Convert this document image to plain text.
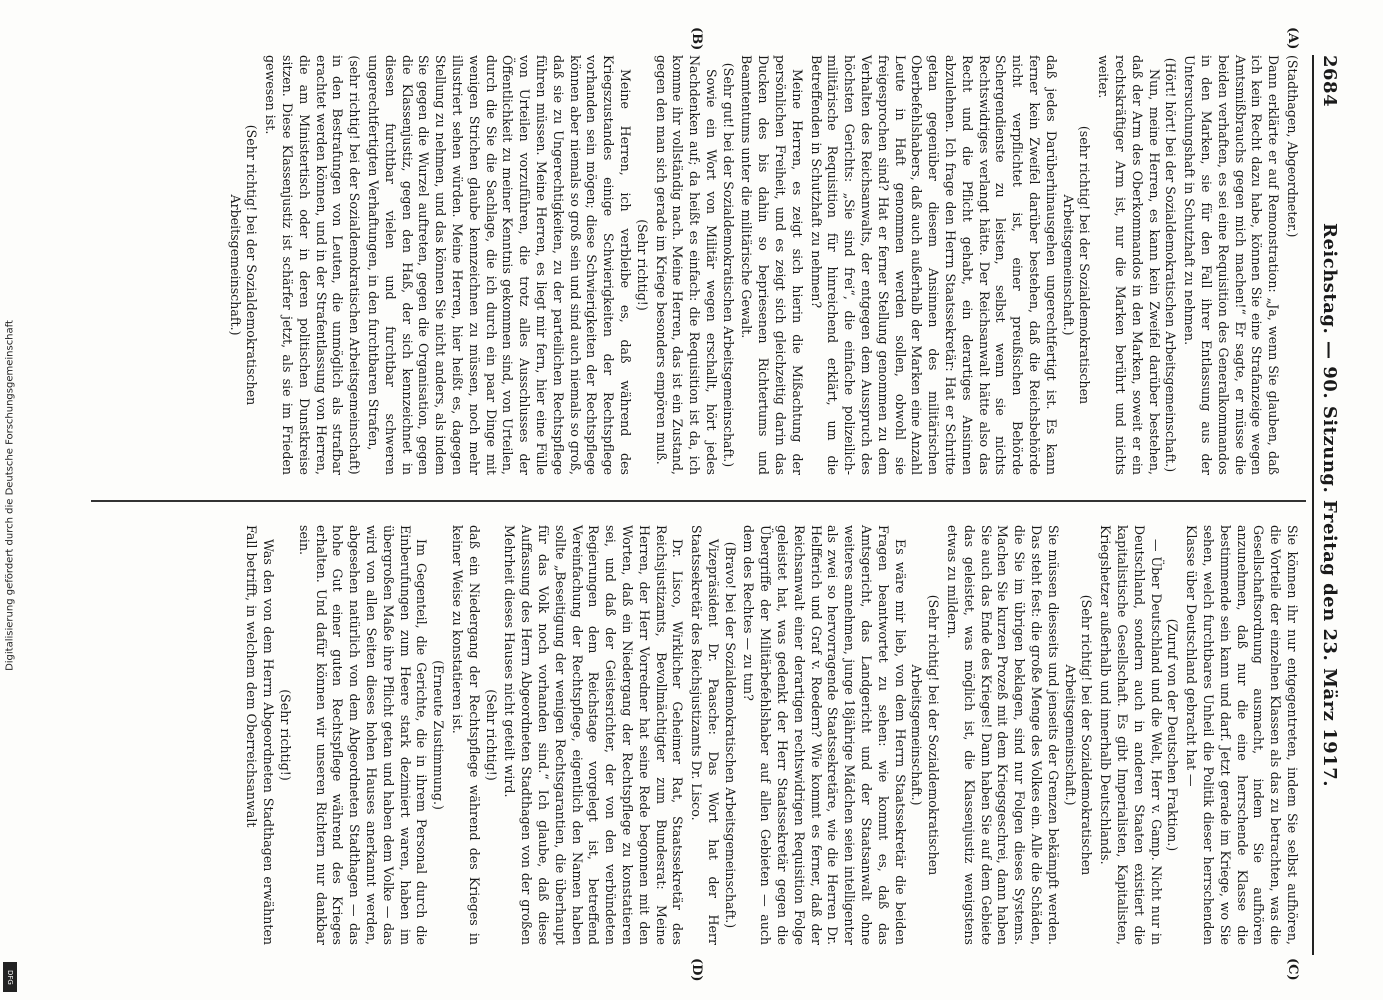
Digitalisierung gefördert durch die Deutsche Forschungsgemeinschaft
DFG
2684
Reichstag. — 90. Sitzung. Freitag den 23. März 1917.
(A)
(B)
(C)
(D)

(Stadthagen, Abgeordneter.)

Dann erklärte er auf Remonstration: „Ja, wenn Sie glauben, daß ich kein Recht dazu habe, können Sie eine Strafanzeige wegen Amtsmißbrauchs gegen mich machen!“ Er sagte, er müsse die beiden verhaften, es sei eine Requisition des Generalkommandos in den Marken, sie für den Fall ihrer Entlassung aus der Untersuchungshaft in Schutzhaft zu nehmen.

(Hört! hört! bei der Sozialdemokratischen Arbeitsgemeinschaft.)

Nun, meine Herren, es kann kein Zweifel darüber bestehen, daß der Arm des Oberkommandos in den Marken, soweit er ein rechtskräftiger Arm ist, nur die Marken berührt und nichts weiter.

(sehr richtig! bei der Sozialdemokratischen Arbeitsgemeinschaft.)

daß jedes Darüberhinausgehen ungerechtfertigt ist. Es kann ferner kein Zweifel darüber bestehen, daß die Reichsbehörde nicht verpflichtet ist, einer preußischen Behörde Schergendienste zu leisten, selbst wenn sie nichts Rechtswidriges verlangt hätte. Der Reichsanwalt hätte also das Recht und die Pflicht gehabt, ein derartiges Ansinnen abzulehnen. Ich frage den Herrn Staatssekretär: Hat er Schritte getan gegenüber diesem Ansinnen des militärischen Oberbefehlshabers, daß auch außerhalb der Marken eine Anzahl Leute in Haft genommen werden sollen, obwohl sie freigesprochen sind? Hat er ferner Stellung genommen zu dem Verhalten des Reichsanwalts, der entgegen dem Ausspruch des höchsten Gerichts: „Sie sind frei“, die einfache polizeilich-militärische Requisition für hinreichend erklärt, um die Betreffenden in Schutzhaft zu nehmen?

Meine Herren, es zeigt sich hierin die Mißachtung der persönlichen Freiheit, und es zeigt sich gleichzeitig darin das Ducken des bis dahin so bepriesenen Richtertums und Beamtentums unter die militärische Gewalt.

(Sehr gut! bei der Sozialdemokratischen Arbeitsgemeinschaft.)

Sowie ein Wort von Militär wegen erschallt, hört jedes Nachdenken auf; da heißt es einfach: die Requisition ist da, ich komme ihr vollständig nach. Meine Herren, das ist ein Zustand, gegen den man sich gerade im Kriege besonders empören muß.

(Sehr richtig!)

Meine Herren, ich verbleibe es, daß während des Kriegszustandes einige Schwierigkeiten der Rechtspflege vorhanden sein mögen; diese Schwierigkeiten der Rechtspflege können aber niemals so groß sein und sind auch niemals so groß, daß sie zu Ungerechtigkeiten, zu der parteilichen Rechtspflege führen müssen. Meine Herren, es liegt mir fern, hier eine Fülle von Urteilen vorzuführen, die trotz alles Ausschlusses der Öffentlichkeit zu meiner Kenntnis gekommen sind, von Urteilen, durch die Sie die Sachlage, die ich durch ein paar Dinge mit wenigen Strichen glaube kennzeichnen zu müssen, noch mehr illustriert sehen würden. Meine Herren, hier heißt es, dagegen Stellung zu nehmen, und das können Sie nicht anders, als indem Sie gegen die Wurzel auftreten, gegen die Organisation, gegen die Klassenjustiz, gegen den Haß, der sich kennzeichnet in diesen furchtbar vielen und furchtbar schweren ungerechtfertigten Verhaftungen, in den furchtbaren Strafen,

(sehr richtig! bei der Sozialdemokratischen Arbeitsgemeinschaft)

in den Bestrafungen von Leuten, die unmöglich als strafbar erachtet werden können, und in der Strafentlassung von Herren, die am Ministertisch oder in deren politischen Dunstkreise sitzen. Diese Klassenjustiz ist schärfer jetzt, als sie im Frieden gewesen ist.

(Sehr richtig! bei der Sozialdemokratischen Arbeitsgemeinschaft.)

Sie können ihr nur entgegentreten, indem Sie selbst aufhören, die Vorteile der einzelnen Klassen als das zu betrachten, was die Gesellschaftsordnung ausmacht, indem Sie aufhören anzunehmen, daß nur die eine herrschende Klasse die bestimmende sein kann und darf. Jetzt gerade im Kriege, wo Sie sehen, welch furchtbares Unheil die Politik dieser herrschenden Klasse über Deutschland gebracht hat —

(Zuruf von der Deutschen Fraktion.)

— Über Deutschland und die Welt, Herr v. Gamp. Nicht nur in Deutschland, sondern auch in anderen Staaten existiert die kapitalistische Gesellschaft. Es gibt Imperialisten, Kapitalisten, Kriegshetzer außerhalb und innerhalb Deutschlands.

(Sehr richtig! bei der Sozialdemokratischen Arbeitsgemeinschaft.)

Sie müssen diesseits und jenseits der Grenzen bekämpft werden. Das steht fest: die große Menge des Volkes ein. Alle die Schäden, die Sie im übrigen beklagen, sind nur Folgen dieses Systems. Machen Sie kurzen Prozeß mit dem Kriegsgeschrei, dann haben Sie auch das Ende des Krieges! Dann haben Sie auf dem Gebiete das geleistet, was möglich ist, die Klassenjustiz wenigstens etwas zu mildern.

(Sehr richtig! bei der Sozialdemokratischen Arbeitsgemeinschaft.)

Es wäre mir lieb, von dem Herrn Staatssekretär die beiden Fragen beantwortet zu sehen: wie kommt es, daß das Amtsgericht, das Landgericht und der Staatsanwalt ohne weiteres annehmen, junge 18jährige Mädchen seien intelligenter als zwei so hervorragende Staatssekretäre, wie die Herren Dr. Helfferich und Graf v. Roedern? Wie kommt es ferner, daß der Reichsanwalt einer derartigen rechtswidrigen Requisition Folge geleistet hat, was gedenkt der Herr Staatssekretär gegen die Übergriffe der Militärbefehlshaber auf allen Gebieten — auch dem des Rechtes — zu tun?

(Bravo! bei der Sozialdemokratischen Arbeitsgemeinschaft.)

Vizepräsident Dr. Paasche: Das Wort hat der Herr Staatssekretär des Reichsjustizamts Dr. Lisco.

Dr. Lisco, Wirklicher Geheimer Rat, Staatssekretär des Reichsjustizamts, Bevollmächtigter zum Bundesrat: Meine Herren, der Herr Vorredner hat seine Rede begonnen mit den Worten, daß ein Niedergang der Rechtspflege zu konstatieren sei, und daß der Geistesrichter, der von den verbündeten Regierungen dem Reichstage vorgelegt ist, betreffend Vereinfachung der Rechtspflege, eigentlich den Namen haben sollte „Beseitigung der wenigen Rechtsgarantien, die überhaupt für das Volk noch vorhanden sind.“ Ich glaube, daß diese Auffassung des Herrn Abgeordneten Stadthagen von der großen Mehrheit dieses Hauses nicht geteilt wird.

(Sehr richtig!)

daß ein Niedergang der Rechtspflege während des Krieges in keiner Weise zu konstatieren ist.

(Erneute Zustimmung.)

Im Gegenteil, die Gerichte, die in ihrem Personal durch die Einberufungen zum Heere stark dezimiert waren, haben im übergroßen Maße ihre Pflicht getan und haben dem Volke — das wird von allen Seiten dieses hohen Hauses anerkannt werden, abgesehen natürlich von dem Abgeordneten Stadthagen — das hohe Gut einer guten Rechtspflege während des Krieges erhalten. Und dafür können wir unseren Richtern nur dankbar sein.

(Sehr richtig!)

Was den von dem Herrn Abgeordneten Stadthagen erwähnten Fall betrifft, in welchem dem Oberreichsanwalt
